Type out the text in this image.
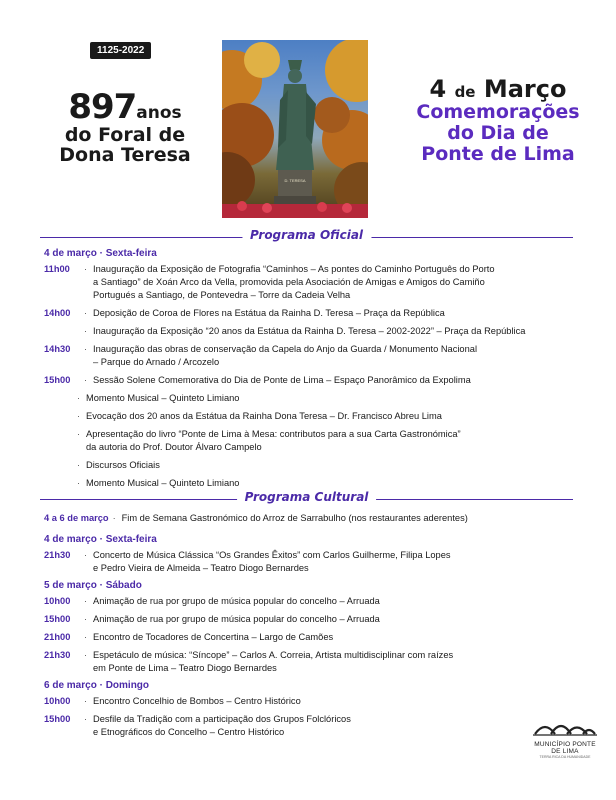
1125-2022
897anos
do Foral de
Dona Teresa
D. TERESA
4 de Março
Comemorações
do Dia de
Ponte de Lima
Programa Oficial
4 de março · Sexta-feira
11h00	· Inauguração da Exposição de Fotografia “Caminhos – As pontes do Caminho Português do Porto
a Santiago” de Xoán Arco da Vella, promovida pela Asociación de Amigas e Amigos do Camiño
Portugués a Santiago, de Pontevedra – Torre da Cadeia Velha
14h00	· Deposição de Coroa de Flores na Estátua da Rainha D. Teresa – Praça da República
· Inauguração da Exposição “20 anos da Estátua da Rainha D. Teresa – 2002-2022” – Praça da República
14h30	· Inauguração das obras de conservação da Capela do Anjo da Guarda / Monumento Nacional
– Parque do Arnado / Arcozelo
15h00	· Sessão Solene Comemorativa do Dia de Ponte de Lima – Espaço Panorâmico da Expolima
· Momento Musical – Quinteto Limiano
· Evocação dos 20 anos da Estátua da Rainha Dona Teresa – Dr. Francisco Abreu Lima
· Apresentação do livro “Ponte de Lima à Mesa: contributos para a sua Carta Gastronómica”
da autoria do Prof. Doutor Álvaro Campelo
· Discursos Oficiais
· Momento Musical – Quinteto Limiano
Programa Cultural
4 a 6 de março · Fim de Semana Gastronómico do Arroz de Sarrabulho (nos restaurantes aderentes)
4 de março · Sexta-feira
21h30	· Concerto de Música Clássica “Os Grandes Êxitos” com Carlos Guilherme, Filipa Lopes
e Pedro Vieira de Almeida – Teatro Diogo Bernardes
5 de março · Sábado
10h00	· Animação de rua por grupo de música popular do concelho – Arruada
15h00	· Animação de rua por grupo de música popular do concelho – Arruada
21h00	· Encontro de Tocadores de Concertina – Largo de Camões
21h30	· Espetáculo de música: “Síncope” – Carlos A. Correia, Artista multidisciplinar com raízes
em Ponte de Lima – Teatro Diogo Bernardes
6 de março · Domingo
10h00	· Encontro Concelhio de Bombos – Centro Histórico
15h00	· Desfile da Tradição com a participação dos Grupos Folclóricos
e Etnográficos do Concelho – Centro Histórico
MUNICÍPIO PONTE DE LIMA
TERRA RICA DA HUMANIDADE
